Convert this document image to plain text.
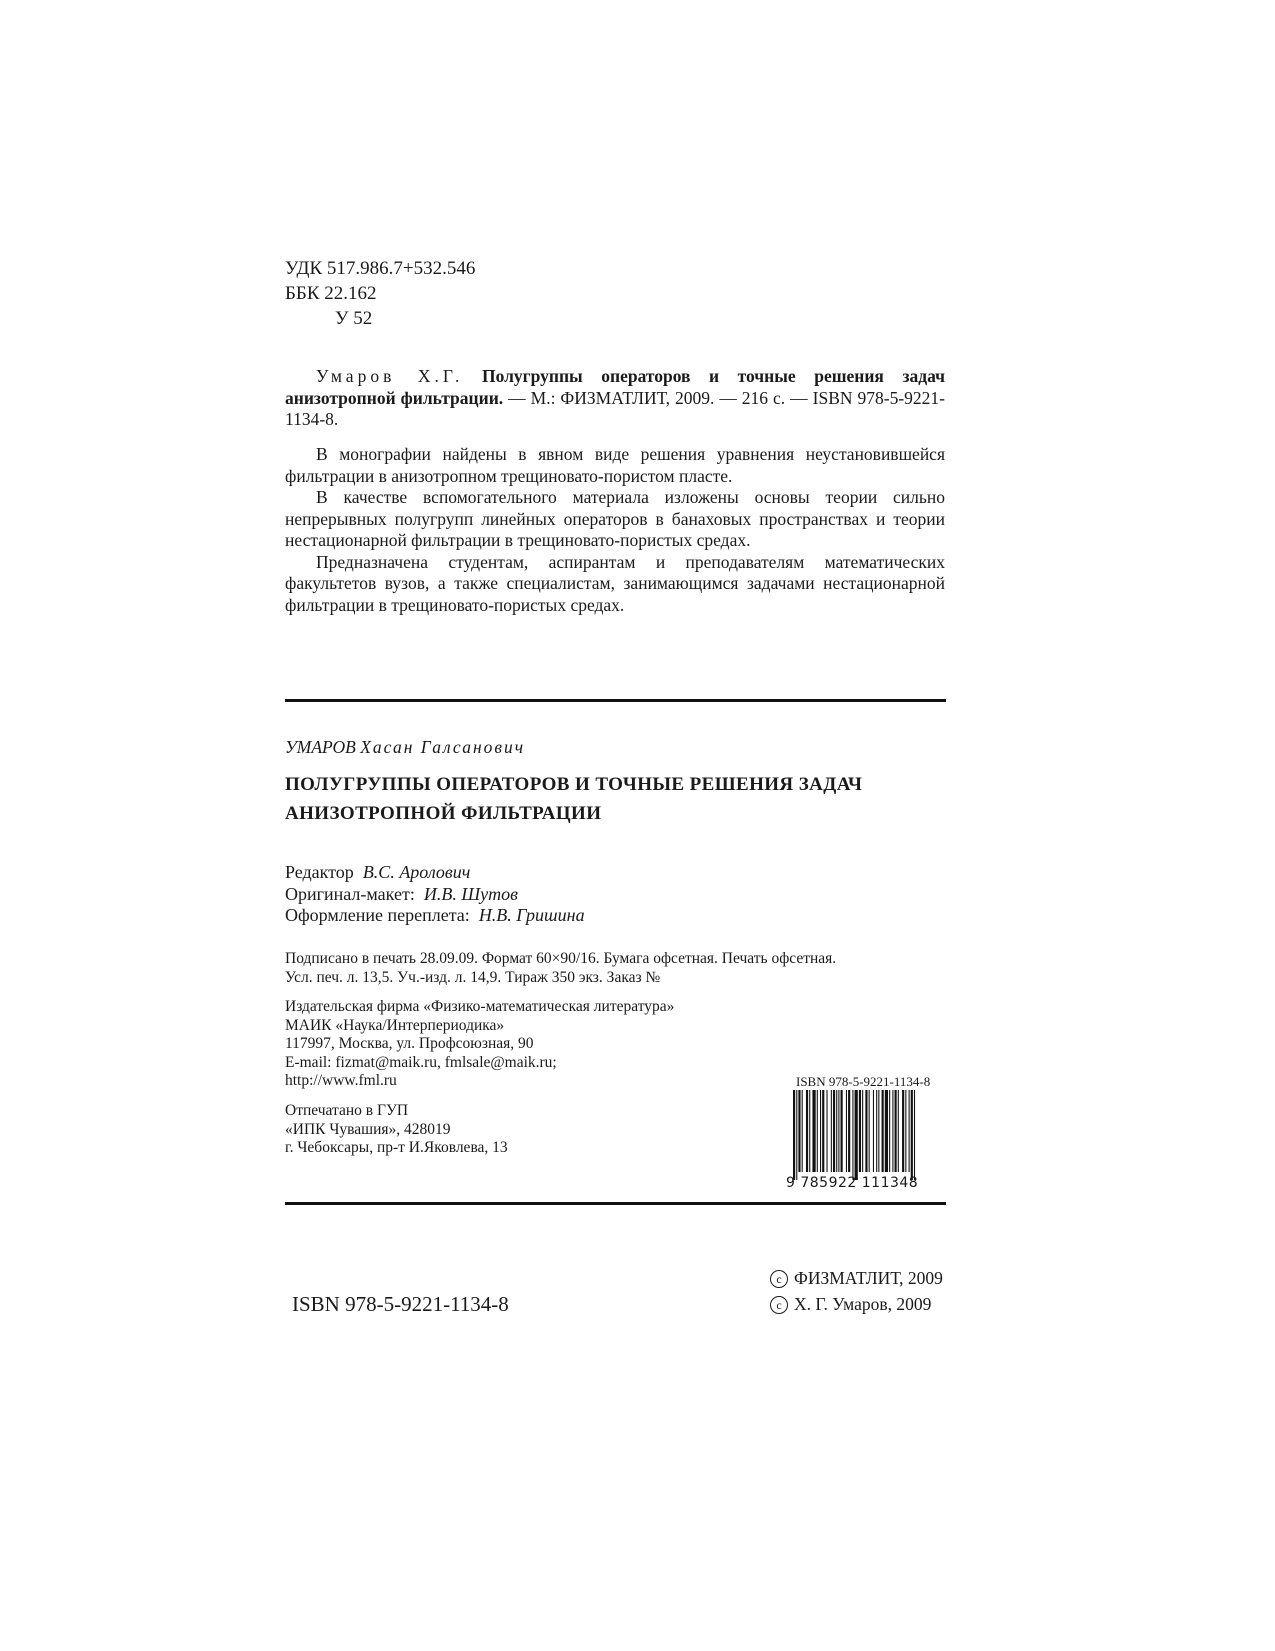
УДК 517.986.7+532.546
ББК 22.162
У 52

Умаров Х.Г. Полугруппы операторов и точные решения задач анизотропной фильтрации. — М.: ФИЗМАТЛИТ, 2009. — 216 с. — ISBN 978-5-9221-1134-8.

В монографии найдены в явном виде решения уравнения неустановившейся фильтрации в анизотропном трещиновато-пористом пласте.

В качестве вспомогательного материала изложены основы теории сильно непрерывных полугрупп линейных операторов в банаховых пространствах и теории нестационарной фильтрации в трещиновато-пористых средах.

Предназначена студентам, аспирантам и преподавателям математических факультетов вузов, а также специалистам, занимающимся задачами нестационарной фильтрации в трещиновато-пористых средах.

УМАРОВ Хасан Галсанович
ПОЛУГРУППЫ ОПЕРАТОРОВ И ТОЧНЫЕ РЕШЕНИЯ ЗАДАЧ
АНИЗОТРОПНОЙ ФИЛЬТРАЦИИ
Редактор В.С. Аролович
Оригинал-макет: И.В. Шутов
Оформление переплета: Н.В. Гришина
Подписано в печать 28.09.09. Формат 60×90/16. Бумага офсетная. Печать офсетная.
Усл. печ. л. 13,5. Уч.-изд. л. 14,9. Тираж 350 экз. Заказ №
Издательская фирма «Физико-математическая литература»
МАИК «Наука/Интерпериодика»
117997, Москва, ул. Профсоюзная, 90
E-mail: fizmat@maik.ru, fmlsale@maik.ru;
http://www.fml.ru
Отпечатано в ГУП
«ИПК Чувашия», 428019
г. Чебоксары, пр-т И.Яковлева, 13
ISBN 978-5-9221-1134-8
9 785922 111348
ISBN 978-5-9221-1134-8
c ФИЗМАТЛИТ, 2009
c Х. Г. Умаров, 2009
